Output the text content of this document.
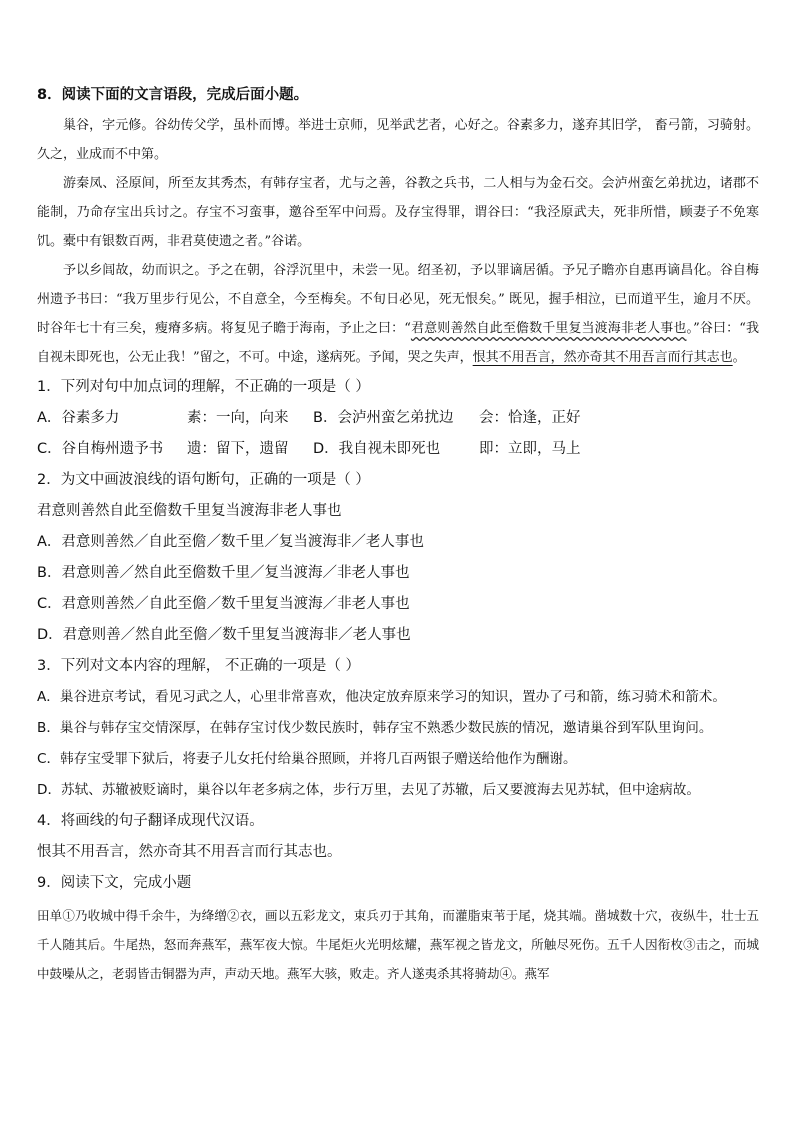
8．阅读下面的文言语段，完成后面小题。

巢谷，字元修。谷幼传父学，虽朴而博。举进士京师，见举武艺者，心好之。谷素多力，遂弃其旧学， 畜弓箭，习骑射。久之，业成而不中第。

游秦凤、泾原间，所至友其秀杰，有韩存宝者，尤与之善，谷教之兵书，二人相与为金石交。会泸州蛮乞弟扰边，诸郡不能制，乃命存宝出兵讨之。存宝不习蛮事，邀谷至军中问焉。及存宝得罪，谓谷曰：“我泾原武夫，死非所惜，顾妻子不免寒饥。橐中有银数百两，非君莫使遗之者。”谷诺。

予以乡闾故，幼而识之。予之在朝，谷浮沉里中，未尝一见。绍圣初，予以罪谪居循。予兄子瞻亦自惠再谪昌化。谷自梅州遗予书曰：“我万里步行见公，不自意全，今至梅矣。不旬日必见，死无恨矣。” 既见，握手相泣，已而道平生，逾月不厌。时谷年七十有三矣，瘦瘠多病。将复见子瞻于海南，予止之曰：“君意则善然自此至儋数千里复当渡海非老人事也。”谷曰：“我自视未即死也，公无止我！”留之，不可。中途，遂病死。予闻，哭之失声，恨其不用吾言，然亦奇其不用吾言而行其志也。

1．下列对句中加点词的理解，不正确的一项是（ ）
A．谷素多力	素：一向，向来	B．会泸州蛮乞弟扰边	会：恰逢，正好
C．谷自梅州遗予书	遗：留下，遗留	D．我自视未即死也	即：立即，马上
2．为文中画波浪线的语句断句，正确的一项是（ ）
君意则善然自此至儋数千里复当渡海非老人事也
A．君意则善然／自此至儋／数千里／复当渡海非／老人事也
B．君意则善／然自此至儋数千里／复当渡海／非老人事也
C．君意则善然／自此至儋／数千里复当渡海／非老人事也
D．君意则善／然自此至儋／数千里复当渡海非／老人事也
3．下列对文本内容的理解， 不正确的一项是（ ）
A．巢谷进京考试，看见习武之人，心里非常喜欢，他决定放弃原来学习的知识，置办了弓和箭，练习骑术和箭术。
B．巢谷与韩存宝交情深厚，在韩存宝讨伐少数民族时，韩存宝不熟悉少数民族的情况，邀请巢谷到军队里询问。
C．韩存宝受罪下狱后，将妻子儿女托付给巢谷照顾，并将几百两银子赠送给他作为酬谢。
D．苏轼、苏辙被贬谪时，巢谷以年老多病之体，步行万里，去见了苏辙，后又要渡海去见苏轼，但中途病故。
4．将画线的句子翻译成现代汉语。
恨其不用吾言，然亦奇其不用吾言而行其志也。
9．阅读下文，完成小题

田单①乃收城中得千余牛，为绛缯②衣，画以五彩龙文，束兵刃于其角，而灌脂束苇于尾，烧其端。凿城数十穴，夜纵牛，壮士五千人随其后。牛尾热，怒而奔燕军，燕军夜大惊。牛尾炬火光明炫耀，燕军视之皆龙文，所触尽死伤。五千人因衔枚③击之，而城中鼓噪从之，老弱皆击铜器为声，声动天地。燕军大骇，败走。齐人遂夷杀其将骑劫④。燕军
